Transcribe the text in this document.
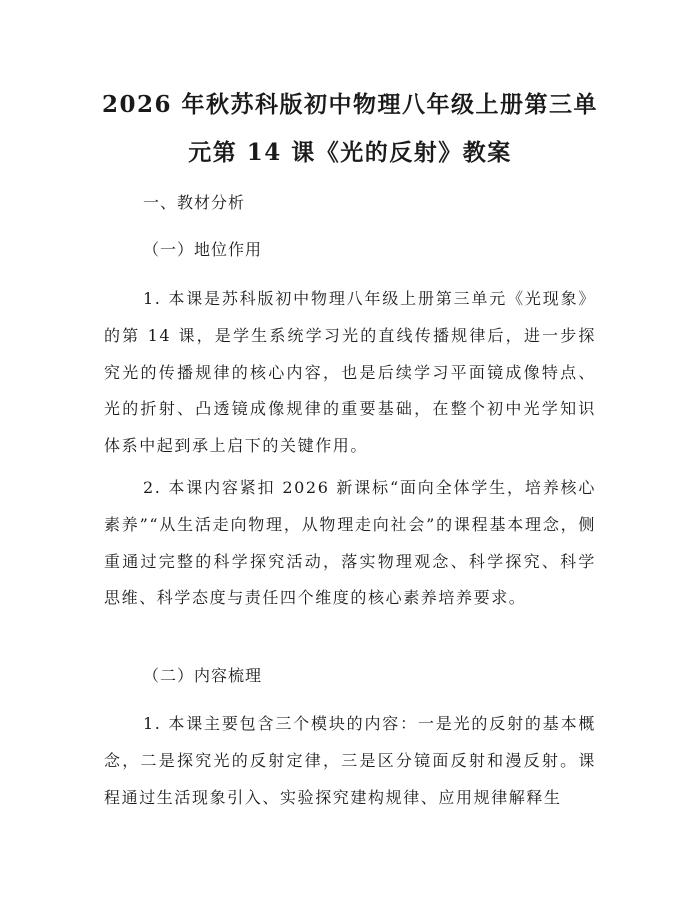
2026 年秋苏科版初中物理八年级上册第三单
元第 14 课《光的反射》教案
一、教材分析
（一）地位作用
1. 本课是苏科版初中物理八年级上册第三单元《光现象》的第 14 课，是学生系统学习光的直线传播规律后，进一步探究光的传播规律的核心内容，也是后续学习平面镜成像特点、光的折射、凸透镜成像规律的重要基础，在整个初中光学知识体系中起到承上启下的关键作用。
2. 本课内容紧扣 2026 新课标“面向全体学生，培养核心素养”“从生活走向物理，从物理走向社会”的课程基本理念，侧重通过完整的科学探究活动，落实物理观念、科学探究、科学思维、科学态度与责任四个维度的核心素养培养要求。
（二）内容梳理
1. 本课主要包含三个模块的内容：一是光的反射的基本概念，二是探究光的反射定律，三是区分镜面反射和漫反射。课程通过生活现象引入、实验探究建构规律、应用规律解释生
